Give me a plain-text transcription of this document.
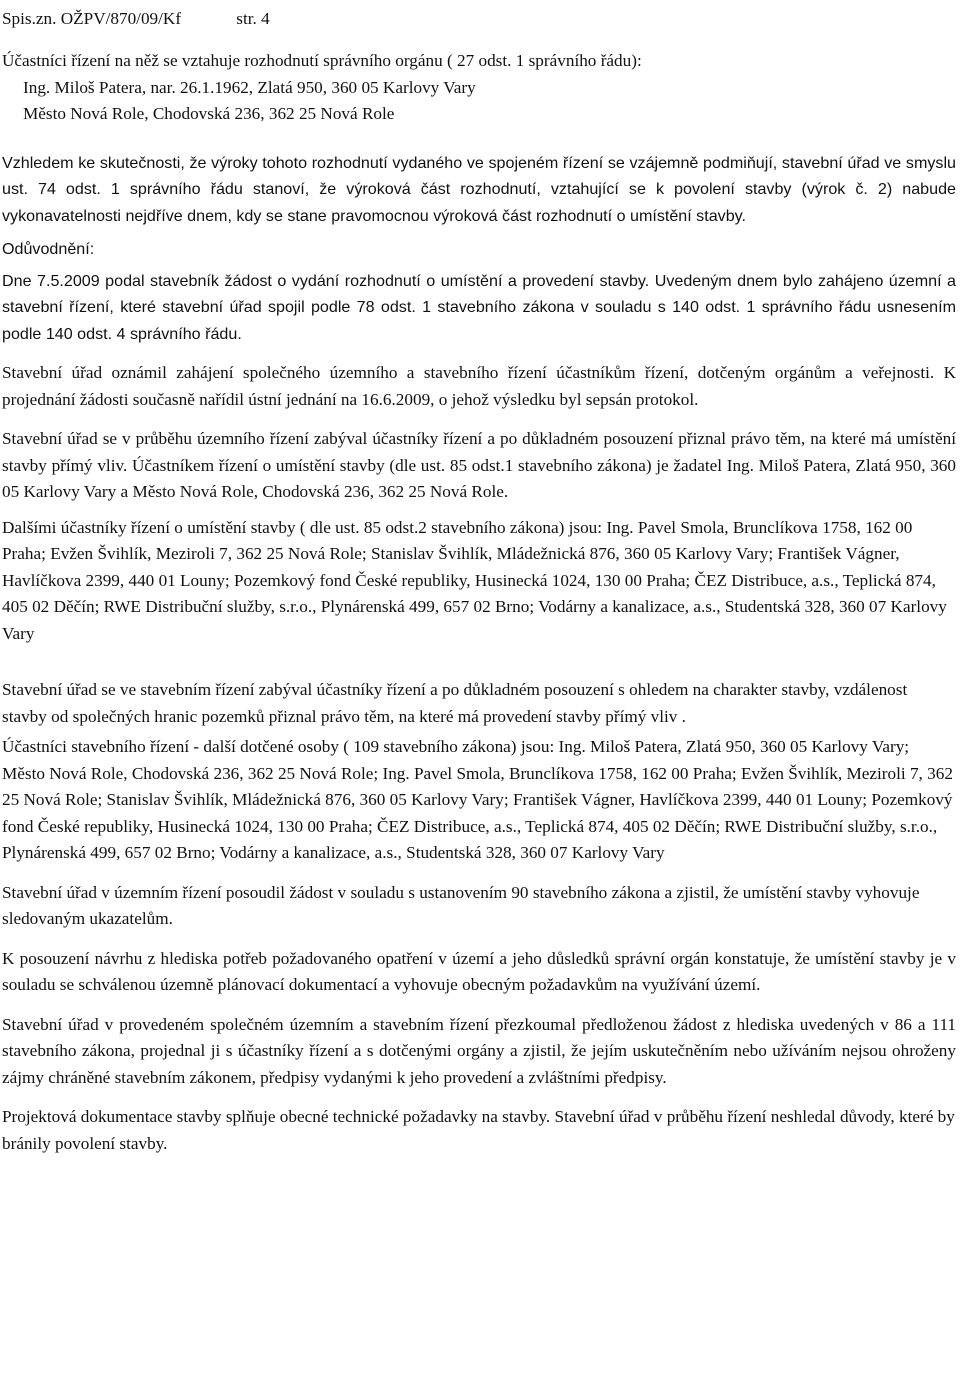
Spis.zn. OŽPV/870/09/Kf	str. 4

Účastníci řízení na něž se vztahuje rozhodnutí správního orgánu ( 27 odst. 1 správního řádu):

Ing. Miloš Patera, nar. 26.1.1962, Zlatá 950, 360 05 Karlovy Vary

Město Nová Role, Chodovská 236, 362 25 Nová Role

Vzhledem ke skutečnosti, že výroky tohoto rozhodnutí vydaného ve spojeném řízení se vzájemně podmiňují, stavební úřad ve smyslu ust. 74 odst. 1 správního řádu stanoví, že výroková část rozhodnutí, vztahující se k povolení stavby (výrok č. 2) nabude vykonavatelnosti nejdříve dnem, kdy se stane pravomocnou výroková část rozhodnutí o umístění stavby.

Odůvodnění:

Dne 7.5.2009 podal stavebník žádost o vydání rozhodnutí o umístění a provedení stavby. Uvedeným dnem bylo zahájeno územní a stavební řízení, které stavební úřad spojil podle 78 odst. 1 stavebního zákona v souladu s 140 odst. 1 správního řádu usnesením podle 140 odst. 4 správního řádu.

Stavební úřad oznámil zahájení společného územního a stavebního řízení účastníkům řízení, dotčeným orgánům a veřejnosti. K projednání žádosti současně nařídil ústní jednání na 16.6.2009, o jehož výsledku byl sepsán protokol.

Stavební úřad se v průběhu územního řízení zabýval účastníky řízení a po důkladném posouzení přiznal právo těm, na které má umístění stavby přímý vliv. Účastníkem řízení o umístění stavby (dle ust. 85 odst.1 stavebního zákona) je žadatel Ing. Miloš Patera, Zlatá 950, 360 05 Karlovy Vary a Město Nová Role, Chodovská 236, 362 25 Nová Role.

Dalšími účastníky řízení o umístění stavby ( dle ust. 85 odst.2 stavebního zákona) jsou: Ing. Pavel Smola, Brunclíkova 1758, 162 00 Praha; Evžen Švihlík, Meziroli 7, 362 25 Nová Role; Stanislav Švihlík, Mládežnická 876, 360 05 Karlovy Vary; František Vágner, Havlíčkova 2399, 440 01 Louny; Pozemkový fond České republiky, Husinecká 1024, 130 00 Praha; ČEZ Distribuce, a.s., Teplická 874, 405 02 Děčín; RWE Distribuční služby, s.r.o., Plynárenská 499, 657 02 Brno; Vodárny a kanalizace, a.s., Studentská 328, 360 07 Karlovy Vary

Stavební úřad se ve stavebním řízení zabýval účastníky řízení a po důkladném posouzení s ohledem na charakter stavby, vzdálenost stavby od společných hranic pozemků přiznal právo těm, na které má provedení stavby přímý vliv .

Účastníci stavebního řízení - další dotčené osoby ( 109 stavebního zákona) jsou: Ing. Miloš Patera, Zlatá 950, 360 05 Karlovy Vary; Město Nová Role, Chodovská 236, 362 25 Nová Role; Ing. Pavel Smola, Brunclíkova 1758, 162 00 Praha; Evžen Švihlík, Meziroli 7, 362 25 Nová Role; Stanislav Švihlík, Mládežnická 876, 360 05 Karlovy Vary; František Vágner, Havlíčkova 2399, 440 01 Louny; Pozemkový fond České republiky, Husinecká 1024, 130 00 Praha; ČEZ Distribuce, a.s., Teplická 874, 405 02 Děčín; RWE Distribuční služby, s.r.o., Plynárenská 499, 657 02 Brno; Vodárny a kanalizace, a.s., Studentská 328, 360 07 Karlovy Vary

Stavební úřad v územním řízení posoudil žádost v souladu s ustanovením 90 stavebního zákona a zjistil, že umístění stavby vyhovuje sledovaným ukazatelům.

K posouzení návrhu z hlediska potřeb požadovaného opatření v území a jeho důsledků správní orgán konstatuje, že umístění stavby je v souladu se schválenou územně plánovací dokumentací a vyhovuje obecným požadavkům na využívání území.

Stavební úřad v provedeném společném územním a stavebním řízení přezkoumal předloženou žádost z hlediska uvedených v 86 a 111 stavebního zákona, projednal ji s účastníky řízení a s dotčenými orgány a zjistil, že jejím uskutečněním nebo užíváním nejsou ohroženy zájmy chráněné stavebním zákonem, předpisy vydanými k jeho provedení a zvláštními předpisy.

Projektová dokumentace stavby splňuje obecné technické požadavky na stavby. Stavební úřad v průběhu řízení neshledal důvody, které by bránily povolení stavby.
